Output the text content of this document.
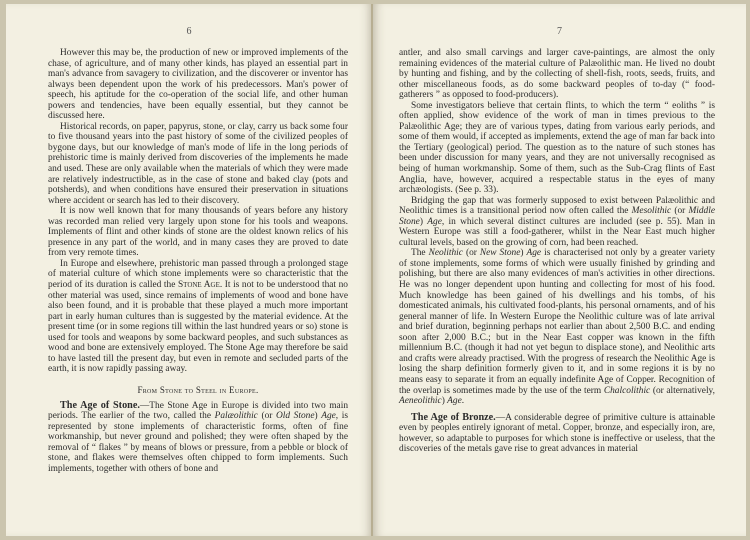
6

However this may be, the production of new or improved implements of the chase, of agriculture, and of many other kinds, has played an essential part in man's advance from savagery to civilization, and the discoverer or inventor has always been dependent upon the work of his predecessors. Man's power of speech, his aptitude for the co-operation of the social life, and other human powers and tendencies, have been equally essential, but they cannot be discussed here.

Historical records, on paper, papyrus, stone, or clay, carry us back some four to five thousand years into the past history of some of the civilized peoples of bygone days, but our knowledge of man's mode of life in the long periods of prehistoric time is mainly derived from discoveries of the implements he made and used. These are only available when the materials of which they were made are relatively indestructible, as in the case of stone and baked clay (pots and potsherds), and when conditions have ensured their preservation in situations where accident or search has led to their discovery.

It is now well known that for many thousands of years before any history was recorded man relied very largely upon stone for his tools and weapons. Implements of flint and other kinds of stone are the oldest known relics of his presence in any part of the world, and in many cases they are proved to date from very remote times.

In Europe and elsewhere, prehistoric man passed through a prolonged stage of material culture of which stone implements were so characteristic that the period of its duration is called the Stone Age. It is not to be understood that no other material was used, since remains of implements of wood and bone have also been found, and it is probable that these played a much more important part in early human cultures than is suggested by the material evidence. At the present time (or in some regions till within the last hundred years or so) stone is used for tools and weapons by some backward peoples, and such substances as wood and bone are extensively employed. The Stone Age may therefore be said to have lasted till the present day, but even in remote and secluded parts of the earth, it is now rapidly passing away.

From Stone to Steel in Europe.

The Age of Stone.—The Stone Age in Europe is divided into two main periods. The earlier of the two, called the Palæolithic (or Old Stone) Age, is represented by stone implements of characteristic forms, often of fine workmanship, but never ground and polished; they were often shaped by the removal of “ flakes ” by means of blows or pressure, from a pebble or block of stone, and flakes were themselves often chipped to form implements. Such implements, together with others of bone and

7

antler, and also small carvings and larger cave-paintings, are almost the only remaining evidences of the material culture of Palæolithic man. He lived no doubt by hunting and fishing, and by the collecting of shell-fish, roots, seeds, fruits, and other miscellaneous foods, as do some backward peoples of to-day (“ food-gatherers ” as opposed to food-producers).

Some investigators believe that certain flints, to which the term “ eoliths ” is often applied, show evidence of the work of man in times previous to the Palæolithic Age; they are of various types, dating from various early periods, and some of them would, if accepted as implements, extend the age of man far back into the Tertiary (geological) period. The question as to the nature of such stones has been under discussion for many years, and they are not universally recognised as being of human workmanship. Some of them, such as the Sub-Crag flints of East Anglia, have, however, acquired a respectable status in the eyes of many archæologists. (See p. 33).

Bridging the gap that was formerly supposed to exist between Palæolithic and Neolithic times is a transitional period now often called the Mesolithic (or Middle Stone) Age, in which several distinct cultures are included (see p. 55). Man in Western Europe was still a food-gatherer, whilst in the Near East much higher cultural levels, based on the growing of corn, had been reached.

The Neolithic (or New Stone) Age is characterised not only by a greater variety of stone implements, some forms of which were usually finished by grinding and polishing, but there are also many evidences of man's activities in other directions. He was no longer dependent upon hunting and collecting for most of his food. Much knowledge has been gained of his dwellings and his tombs, of his domesticated animals, his cultivated food-plants, his personal ornaments, and of his general manner of life. In Western Europe the Neolithic culture was of late arrival and brief duration, beginning perhaps not earlier than about 2,500 B.C. and ending soon after 2,000 B.C.; but in the Near East copper was known in the fifth millennium B.C. (though it had not yet begun to displace stone), and Neolithic arts and crafts were already practised. With the progress of research the Neolithic Age is losing the sharp definition formerly given to it, and in some regions it is by no means easy to separate it from an equally indefinite Age of Copper. Recognition of the overlap is sometimes made by the use of the term Chalcolithic (or alternatively, Aeneolithic) Age.

The Age of Bronze.—A considerable degree of primitive culture is attainable even by peoples entirely ignorant of metal. Copper, bronze, and especially iron, are, however, so adaptable to purposes for which stone is ineffective or useless, that the discoveries of the metals gave rise to great advances in material
